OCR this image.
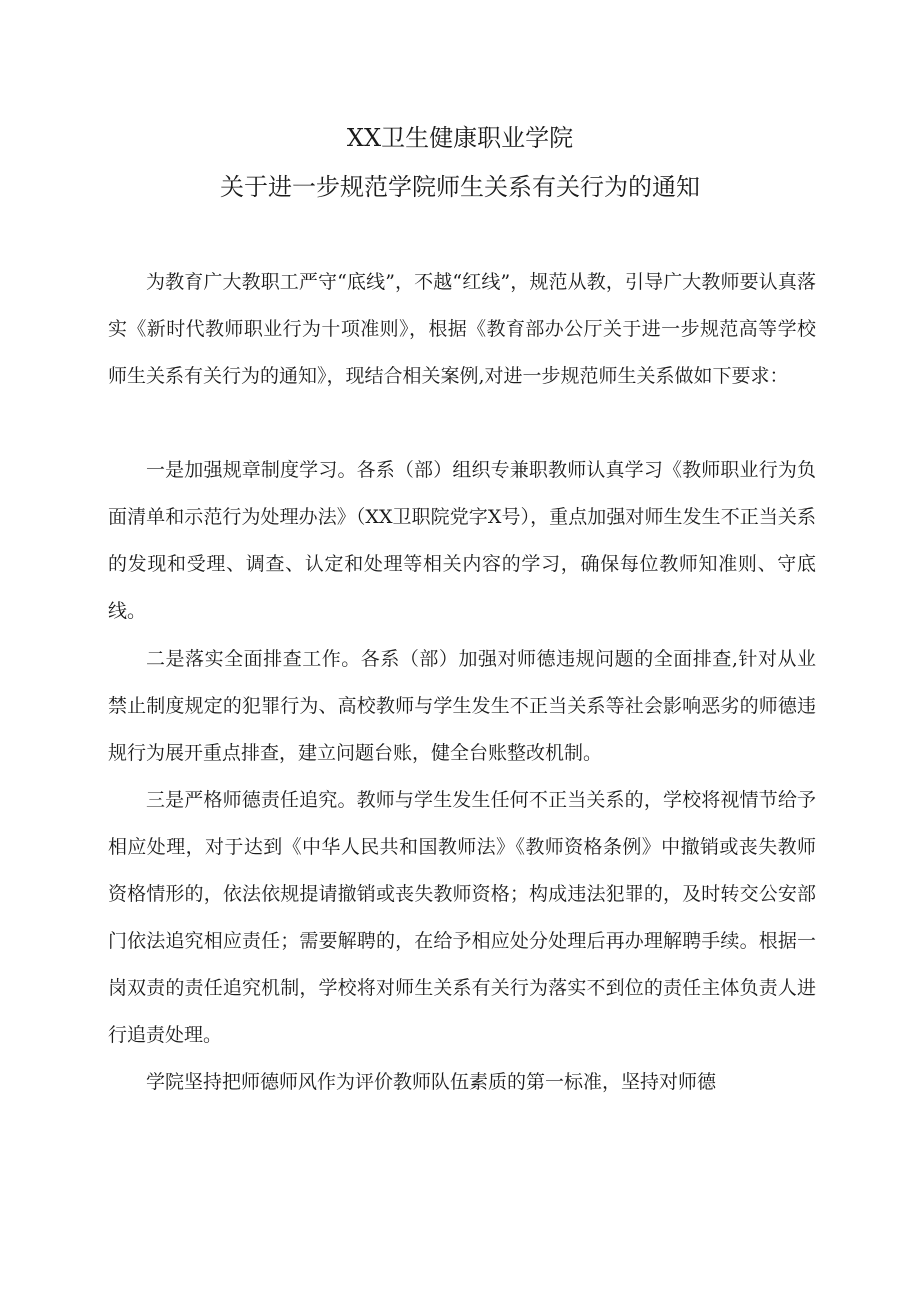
XX卫生健康职业学院
关于进一步规范学院师生关系有关行为的通知

为教育广大教职工严守“底线”，不越“红线”，规范从教，引导广大教师要认真落实《新时代教师职业行为十项准则》，根据《教育部办公厅关于进一步规范高等学校师生关系有关行为的通知》，现结合相关案例,对进一步规范师生关系做如下要求：

一是加强规章制度学习。各系（部）组织专兼职教师认真学习《教师职业行为负面清单和示范行为处理办法》（XX卫职院党字X号），重点加强对师生发生不正当关系的发现和受理、调查、认定和处理等相关内容的学习，确保每位教师知准则、守底线。

二是落实全面排查工作。各系（部）加强对师德违规问题的全面排查,针对从业禁止制度规定的犯罪行为、高校教师与学生发生不正当关系等社会影响恶劣的师德违规行为展开重点排查，建立问题台账，健全台账整改机制。

三是严格师德责任追究。教师与学生发生任何不正当关系的，学校将视情节给予相应处理，对于达到《中华人民共和国教师法》《教师资格条例》中撤销或丧失教师资格情形的，依法依规提请撤销或丧失教师资格；构成违法犯罪的，及时转交公安部门依法追究相应责任；需要解聘的，在给予相应处分处理后再办理解聘手续。根据一岗双责的责任追究机制，学校将对师生关系有关行为落实不到位的责任主体负责人进行追责处理。

学院坚持把师德师风作为评价教师队伍素质的第一标准，坚持对师德
